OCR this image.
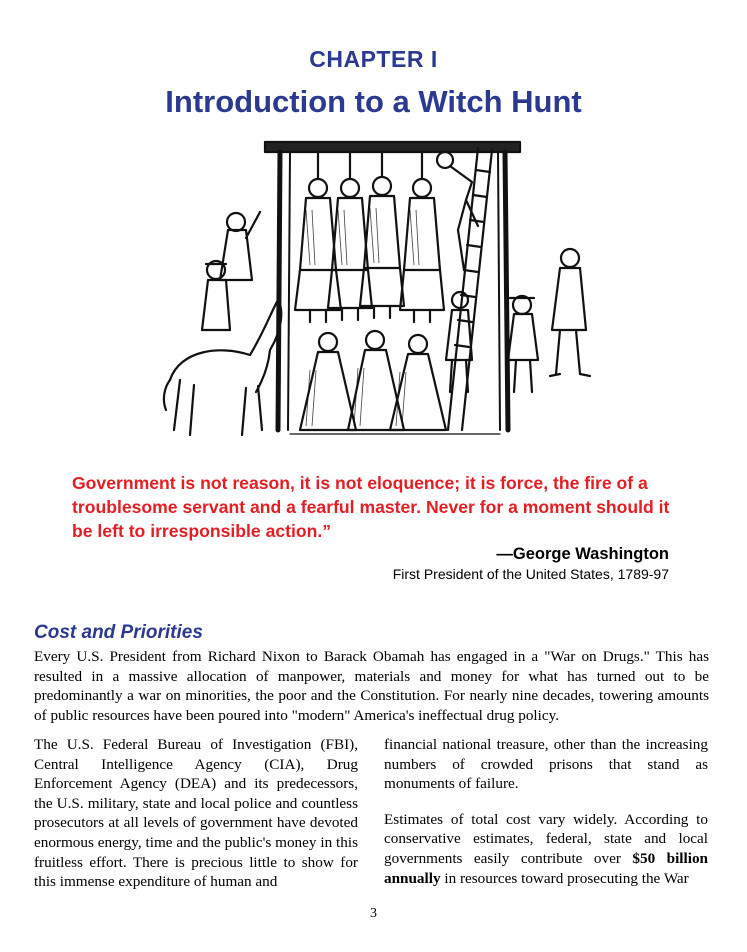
CHAPTER I
Introduction to a Witch Hunt
Government is not reason, it is not eloquence; it is force, the fire of a troublesome servant and a fearful master. Never for a moment should it be left to irresponsible action.”
—George Washington
First President of the United States, 1789-97
Cost and Priorities
Every U.S. President from Richard Nixon to Barack Obamah has engaged in a "War on Drugs." This has resulted in a massive allocation of manpower, materials and money for what has turned out to be predominantly a war on minorities, the poor and the Constitution. For nearly nine decades, towering amounts of public resources have been poured into "modern" America's ineffectual drug policy.

The U.S. Federal Bureau of Investigation (FBI), Central Intelligence Agency (CIA), Drug Enforcement Agency (DEA) and its predecessors, the U.S. military, state and local police and countless prosecutors at all levels of government have devoted enormous energy, time and the public's money in this fruitless effort. There is precious little to show for this immense expenditure of human and

financial national treasure, other than the increasing numbers of crowded prisons that stand as monuments of failure.

Estimates of total cost vary widely. According to conservative estimates, federal, state and local governments easily contribute over $50 billion annually in resources toward prosecuting the War

3
